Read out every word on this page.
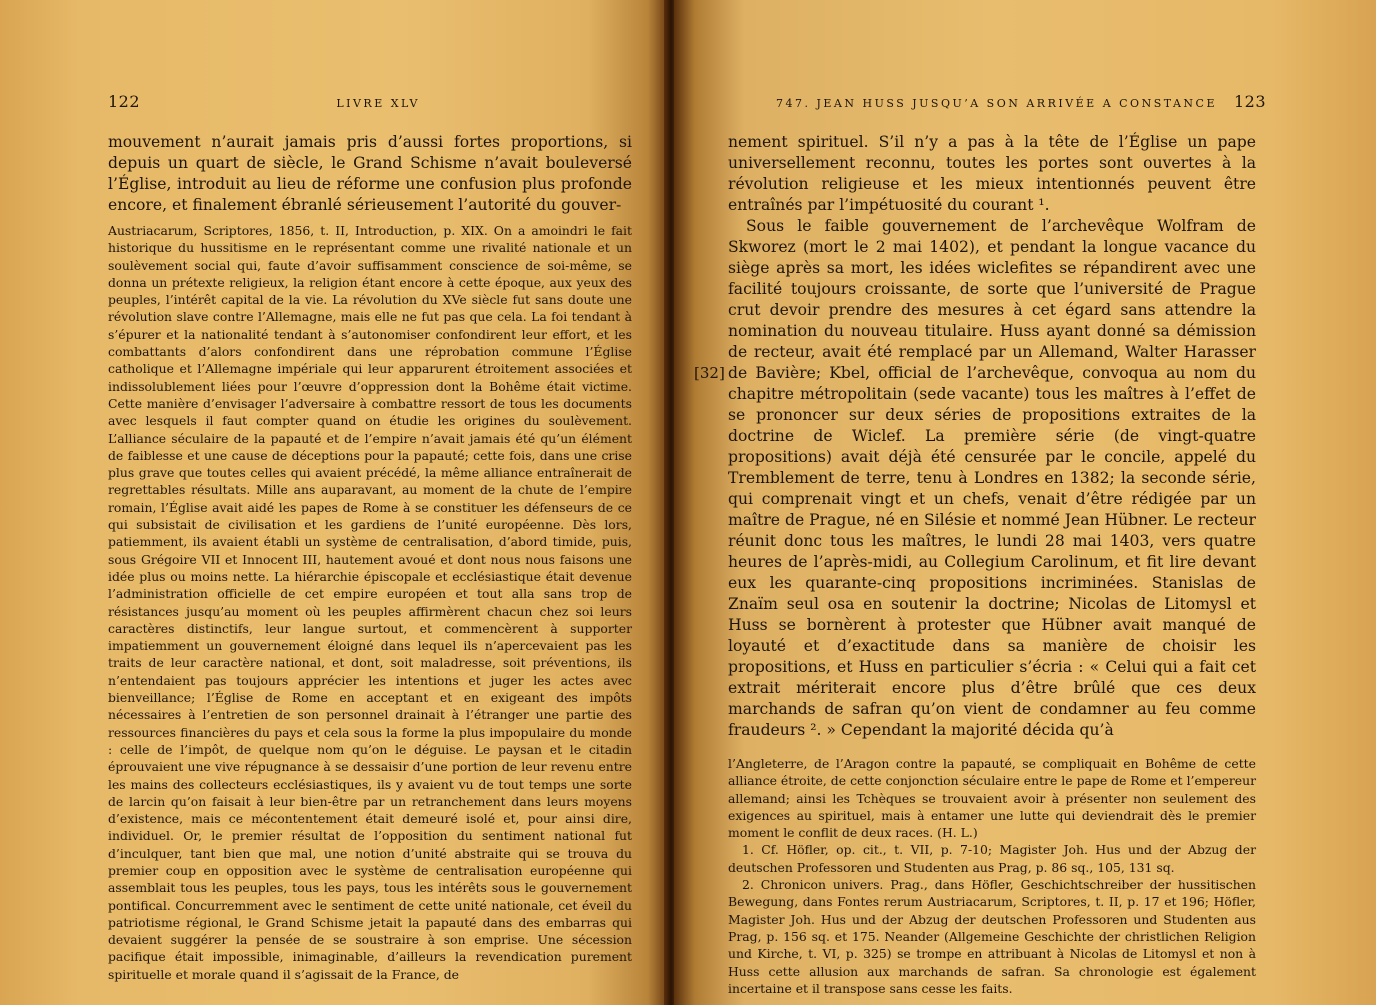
122	LIVRE XLV

mouvement n’aurait jamais pris d’aussi fortes proportions, si depuis un quart de siècle, le Grand Schisme n’avait bouleversé l’Église, introduit au lieu de réforme une confusion plus profonde encore, et finalement ébranlé sérieusement l’autorité du gouver-

Austriacarum, Scriptores, 1856, t. II, Introduction, p. XIX. On a amoindri le fait historique du hussitisme en le représentant comme une rivalité nationale et un soulèvement social qui, faute d’avoir suffisamment conscience de soi-même, se donna un prétexte religieux, la religion étant encore à cette époque, aux yeux des peuples, l’intérêt capital de la vie. La révolution du XVe siècle fut sans doute une révolution slave contre l’Allemagne, mais elle ne fut pas que cela. La foi tendant à s’épurer et la nationalité tendant à s’autonomiser confondirent leur effort, et les combattants d’alors confondirent dans une réprobation commune l’Église catholique et l’Allemagne impériale qui leur apparurent étroitement associées et indissolublement liées pour l’œuvre d’oppression dont la Bohême était victime. Cette manière d’envisager l’adversaire à combattre ressort de tous les documents avec lesquels il faut compter quand on étudie les origines du soulèvement. L’alliance séculaire de la papauté et de l’empire n’avait jamais été qu’un élément de faiblesse et une cause de déceptions pour la papauté; cette fois, dans une crise plus grave que toutes celles qui avaient précédé, la même alliance entraînerait de regrettables résultats. Mille ans auparavant, au moment de la chute de l’empire romain, l’Église avait aidé les papes de Rome à se constituer les défenseurs de ce qui subsistait de civilisation et les gardiens de l’unité européenne. Dès lors, patiemment, ils avaient établi un système de centralisation, d’abord timide, puis, sous Grégoire VII et Innocent III, hautement avoué et dont nous nous faisons une idée plus ou moins nette. La hiérarchie épiscopale et ecclésiastique était devenue l’administration officielle de cet empire européen et tout alla sans trop de résistances jusqu’au moment où les peuples affirmèrent chacun chez soi leurs caractères distinctifs, leur langue surtout, et commencèrent à supporter impatiemment un gouvernement éloigné dans lequel ils n’apercevaient pas les traits de leur caractère national, et dont, soit maladresse, soit préventions, ils n’entendaient pas toujours apprécier les intentions et juger les actes avec bienveillance; l’Église de Rome en acceptant et en exigeant des impôts nécessaires à l’entretien de son personnel drainait à l’étranger une partie des ressources financières du pays et cela sous la forme la plus impopulaire du monde : celle de l’impôt, de quelque nom qu’on le déguise. Le paysan et le citadin éprouvaient une vive répugnance à se dessaisir d’une portion de leur revenu entre les mains des collecteurs ecclésiastiques, ils y avaient vu de tout temps une sorte de larcin qu’on faisait à leur bien-être par un retranchement dans leurs moyens d’existence, mais ce mécontentement était demeuré isolé et, pour ainsi dire, individuel. Or, le premier résultat de l’opposition du sentiment national fut d’inculquer, tant bien que mal, une notion d’unité abstraite qui se trouva du premier coup en opposition avec le système de centralisation européenne qui assemblait tous les peuples, tous les pays, tous les intérêts sous le gouvernement pontifical. Concurremment avec le sentiment de cette unité nationale, cet éveil du patriotisme régional, le Grand Schisme jetait la papauté dans des embarras qui devaient suggérer la pensée de se soustraire à son emprise. Une sécession pacifique était impossible, inimaginable, d’ailleurs la revendication purement spirituelle et morale quand il s’agissait de la France, de

[32]
747. JEAN HUSS JUSQU’A SON ARRIVÉE A CONSTANCE 123

nement spirituel. S’il n’y a pas à la tête de l’Église un pape universellement reconnu, toutes les portes sont ouvertes à la révolution religieuse et les mieux intentionnés peuvent être entraînés par l’impétuosité du courant ¹.

Sous le faible gouvernement de l’archevêque Wolfram de Skworez (mort le 2 mai 1402), et pendant la longue vacance du siège après sa mort, les idées wiclefites se répandirent avec une facilité toujours croissante, de sorte que l’université de Prague crut devoir prendre des mesures à cet égard sans attendre la nomination du nouveau titulaire. Huss ayant donné sa démission de recteur, avait été remplacé par un Allemand, Walter Harasser de Bavière; Kbel, official de l’archevêque, convoqua au nom du chapitre métropolitain (sede vacante) tous les maîtres à l’effet de se prononcer sur deux séries de propositions extraites de la doctrine de Wiclef. La première série (de vingt-quatre propositions) avait déjà été censurée par le concile, appelé du Tremblement de terre, tenu à Londres en 1382; la seconde série, qui comprenait vingt et un chefs, venait d’être rédigée par un maître de Prague, né en Silésie et nommé Jean Hübner. Le recteur réunit donc tous les maîtres, le lundi 28 mai 1403, vers quatre heures de l’après-midi, au Collegium Carolinum, et fit lire devant eux les quarante-cinq propositions incriminées. Stanislas de Znaïm seul osa en soutenir la doctrine; Nicolas de Litomysl et Huss se bornèrent à protester que Hübner avait manqué de loyauté et d’exactitude dans sa manière de choisir les propositions, et Huss en particulier s’écria : « Celui qui a fait cet extrait mériterait encore plus d’être brûlé que ces deux marchands de safran qu’on vient de condamner au feu comme fraudeurs ². » Cependant la majorité décida qu’à

l’Angleterre, de l’Aragon contre la papauté, se compliquait en Bohême de cette alliance étroite, de cette conjonction séculaire entre le pape de Rome et l’empereur allemand; ainsi les Tchèques se trouvaient avoir à présenter non seulement des exigences au spirituel, mais à entamer une lutte qui deviendrait dès le premier moment le conflit de deux races. (H. L.)

1. Cf. Höfler, op. cit., t. VII, p. 7-10; Magister Joh. Hus und der Abzug der deutschen Professoren und Studenten aus Prag, p. 86 sq., 105, 131 sq.

2. Chronicon univers. Prag., dans Höfler, Geschichtschreiber der hussitischen Bewegung, dans Fontes rerum Austriacarum, Scriptores, t. II, p. 17 et 196; Höfler, Magister Joh. Hus und der Abzug der deutschen Professoren und Studenten aus Prag, p. 156 sq. et 175. Neander (Allgemeine Geschichte der christlichen Religion und Kirche, t. VI, p. 325) se trompe en attribuant à Nicolas de Litomysl et non à Huss cette allusion aux marchands de safran. Sa chronologie est également incertaine et il transpose sans cesse les faits.
